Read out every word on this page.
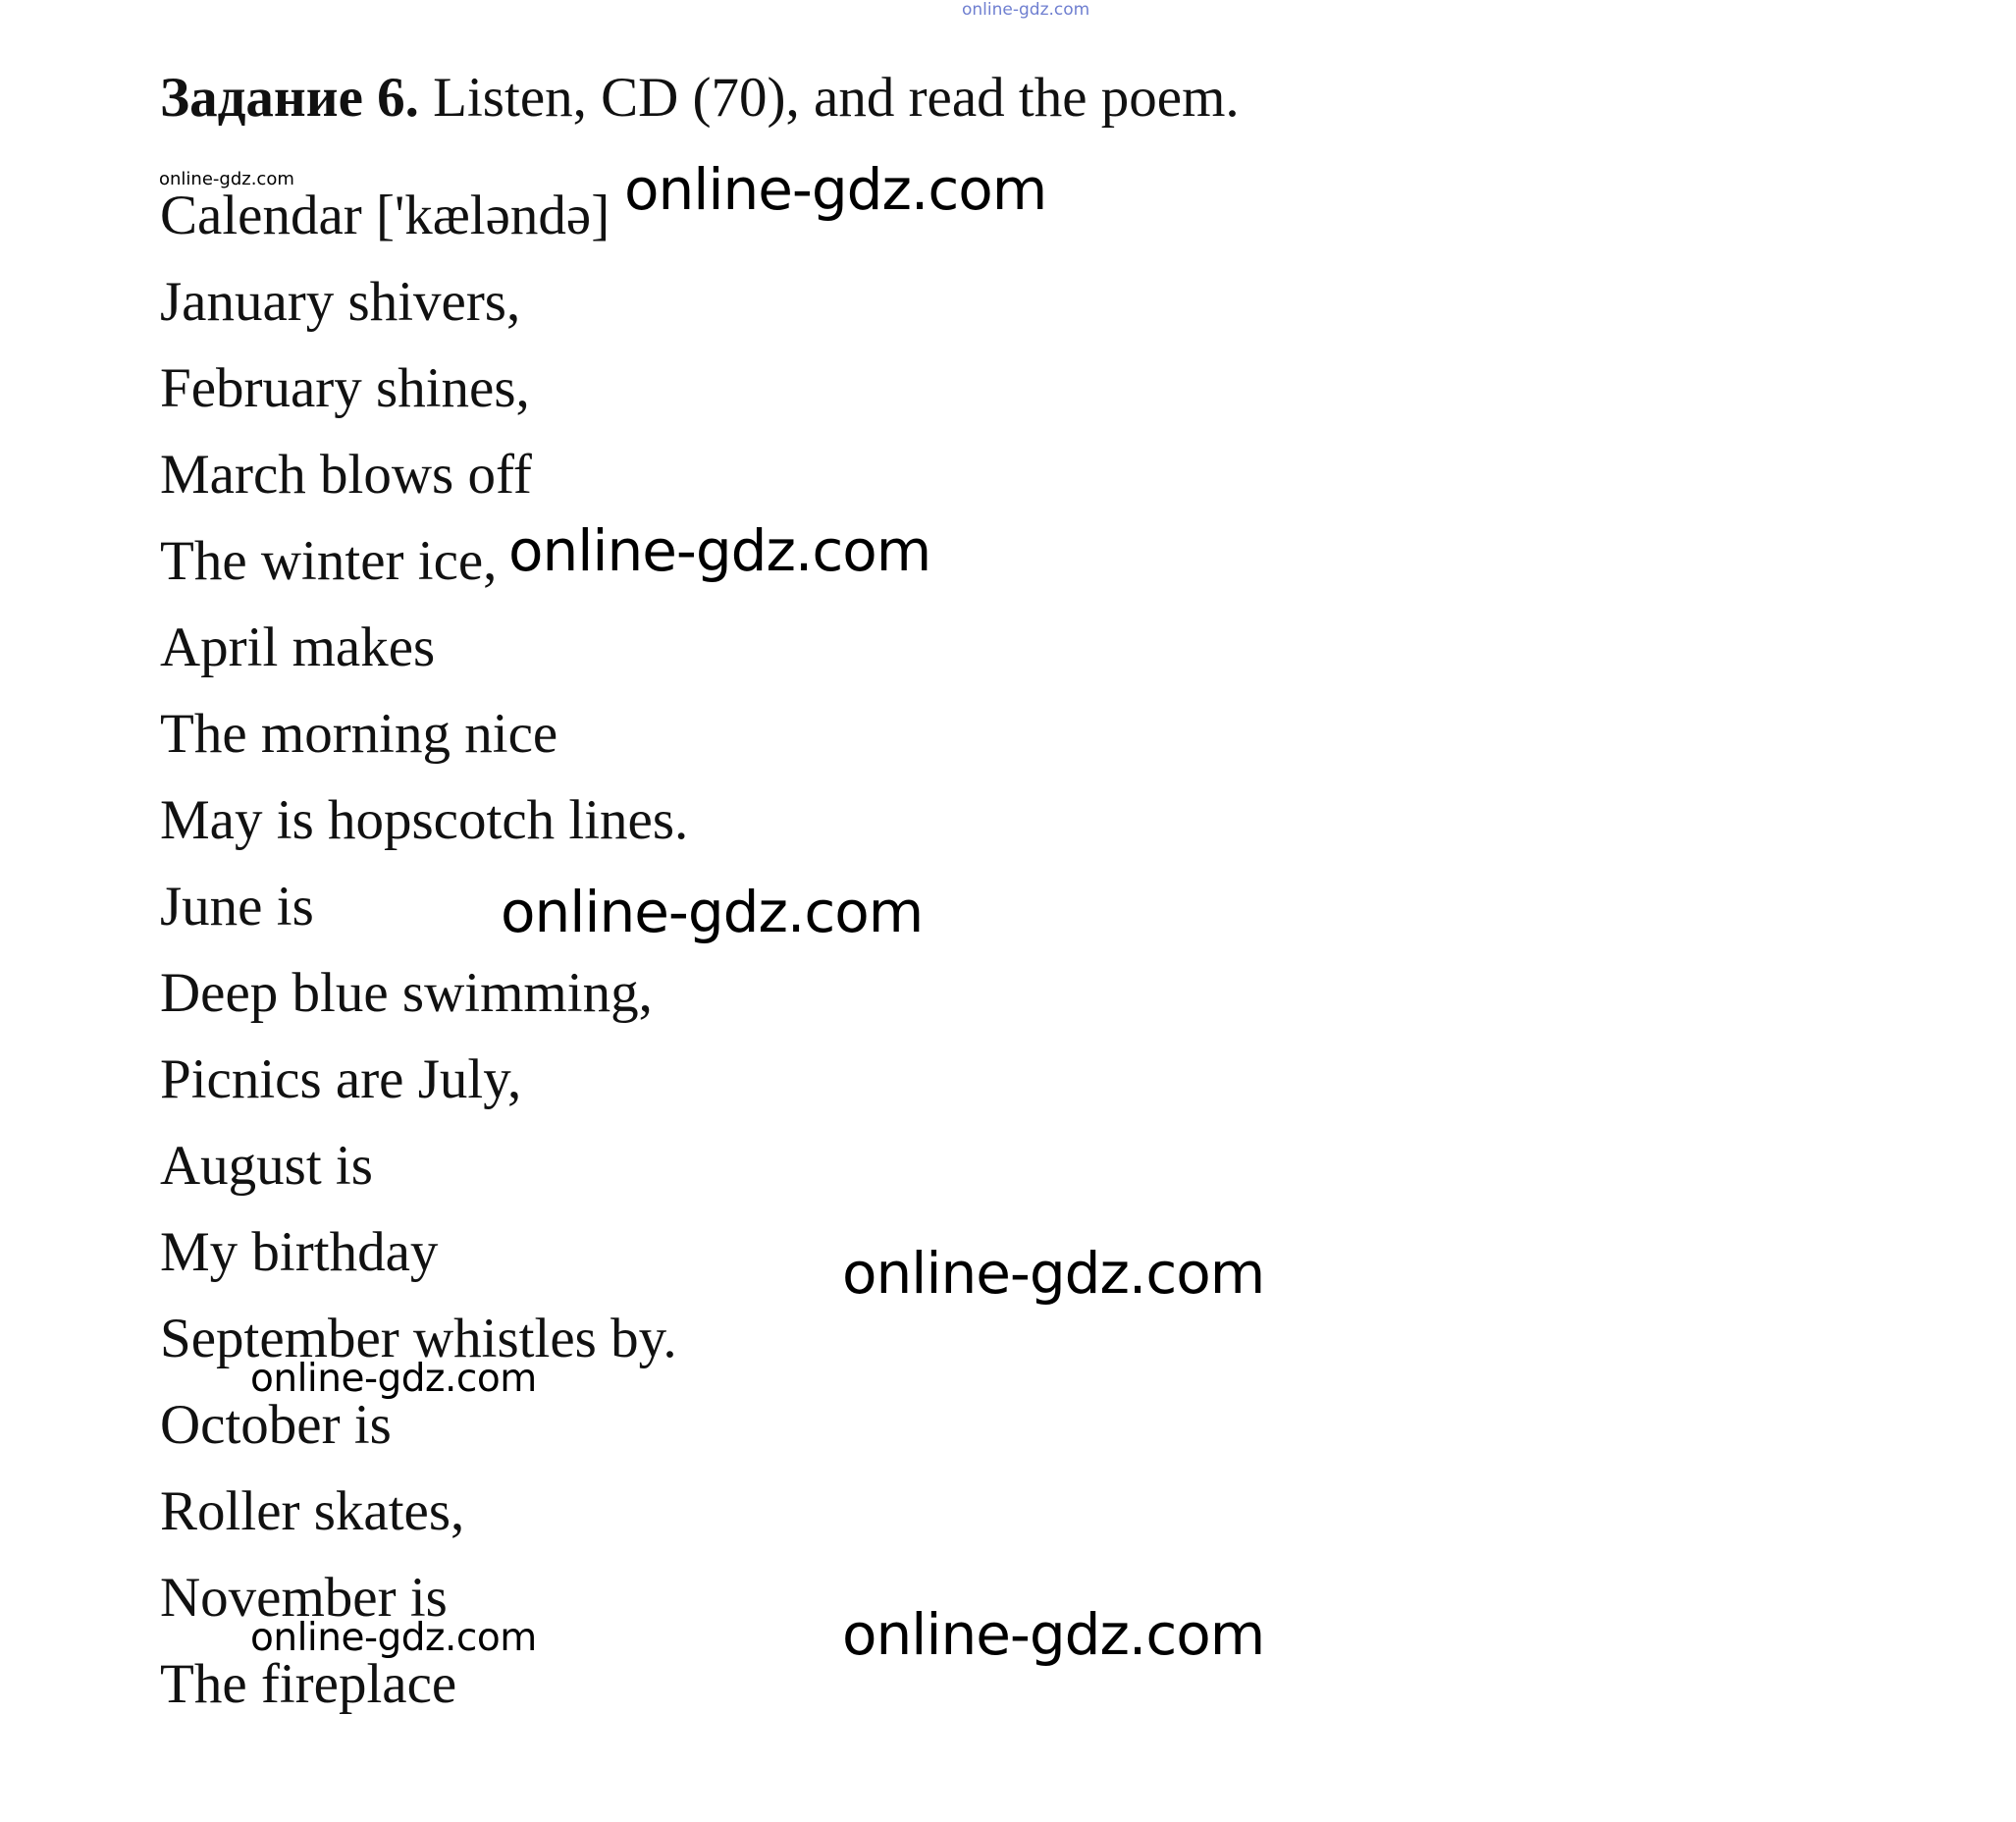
online-gdz.com
Задание 6. Listen, CD (70), and read the poem.
online-gdz.com
Calendar ['kæləndə] online-gdz.com
January shivers,
February shines,
March blows off
The winter ice, online-gdz.com
April makes
The morning nice
May is hopscotch lines.
June is	online-gdz.com
Deep blue swimming,
Picnics are July,
August is
My birthday	online-gdz.com
September whistles by.
online-gdz.com
October is
Roller skates,
November is
online-gdz.com	online-gdz.com
The fireplace
